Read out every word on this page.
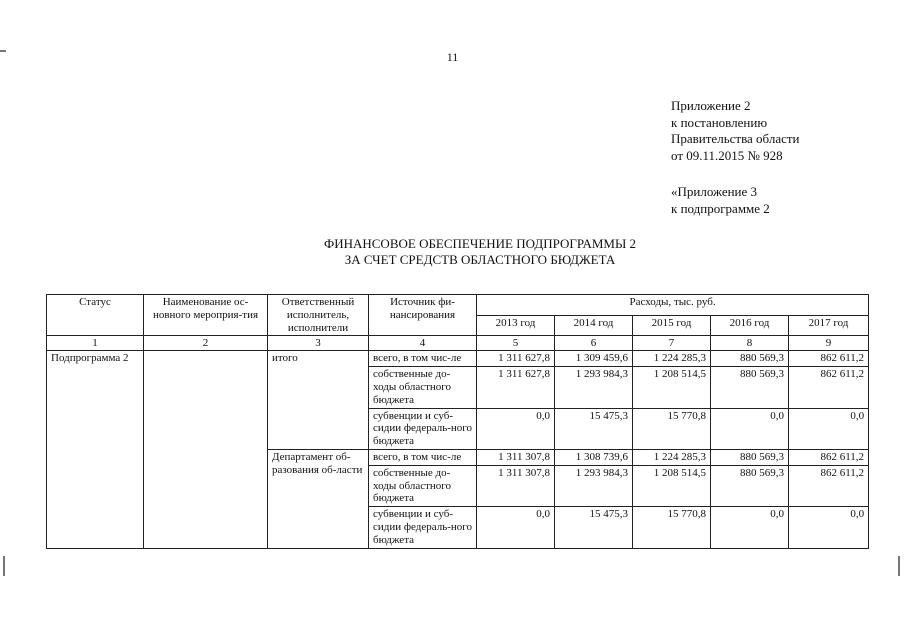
11
Приложение 2
к постановлению
Правительства области
от 09.11.2015 № 928
«Приложение 3
к подпрограмме 2
ФИНАНСОВОЕ ОБЕСПЕЧЕНИЕ ПОДПРОГРАММЫ 2
ЗА СЧЕТ СРЕДСТВ ОБЛАСТНОГО БЮДЖЕТА
Статус	Наименование ос-новного мероприя-тия	Ответственный исполнитель, исполнители	Источник фи-нансирования	Расходы, тыс. руб.				
				2013 год	2014 год	2015 год	2016 год	2017 год
1	2	3	4	5	6	7	8	9
Подпрограмма 2		итого	всего, в том чис-ле	1 311 627,8	1 309 459,6	1 224 285,3	880 569,3	862 611,2
			собственные до-ходы областного бюджета	1 311 627,8	1 293 984,3	1 208 514,5	880 569,3	862 611,2
			субвенции и суб-сидии федераль-ного бюджета	0,0	15 475,3	15 770,8	0,0	0,0
		Департамент об-разования об-ласти	всего, в том чис-ле	1 311 307,8	1 308 739,6	1 224 285,3	880 569,3	862 611,2
			собственные до-ходы областного бюджета	1 311 307,8	1 293 984,3	1 208 514,5	880 569,3	862 611,2
			субвенции и суб-сидии федераль-ного бюджета	0,0	15 475,3	15 770,8	0,0	0,0
